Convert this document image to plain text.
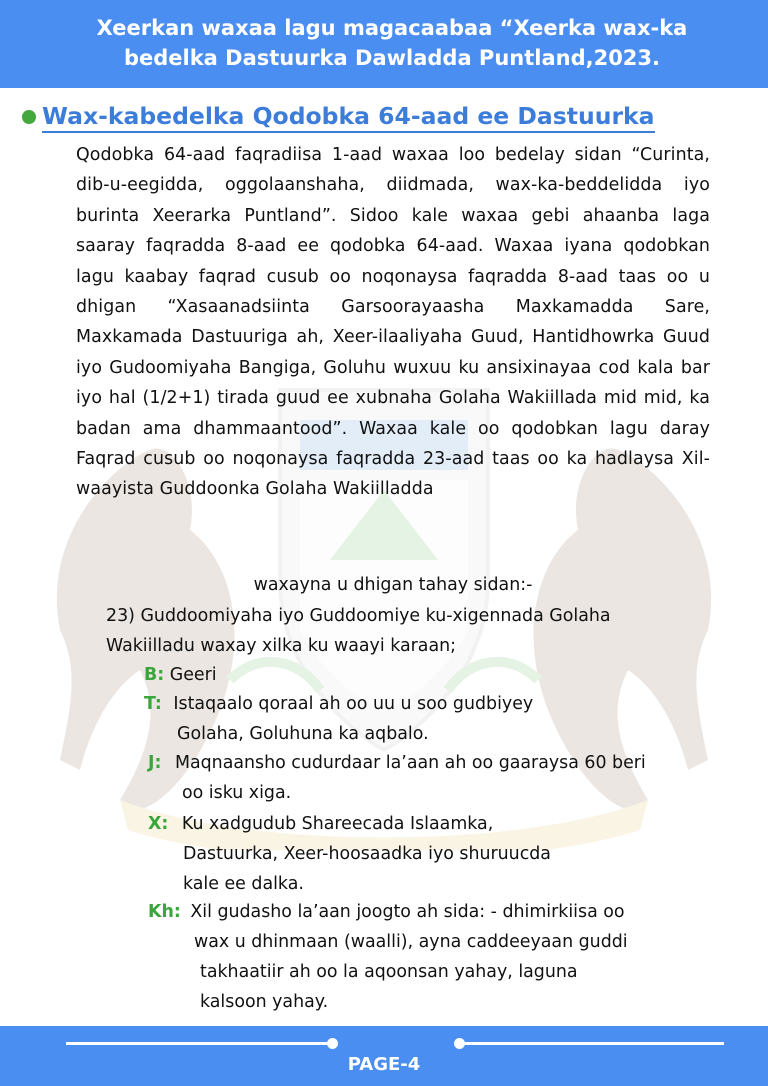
Xeerkan waxaa lagu magacaabaa “Xeerka wax-ka
bedelka Dastuurka Dawladda Puntland,2023.
Wax-kabedelka Qodobka 64-aad ee Dastuurka
Qodobka 64-aad faqradiisa 1-aad waxaa loo bedelay sidan “Curinta, dib-u-eegidda, oggolaanshaha, diidmada, wax-ka-beddelidda iyo burinta Xeerarka Puntland”. Sidoo kale waxaa gebi ahaanba laga saaray faqradda 8-aad ee qodobka 64-aad. Waxaa iyana qodobkan lagu kaabay faqrad cusub oo noqonaysa faqradda 8-aad taas oo u dhigan “Xasaanadsiinta Garsoorayaasha Maxkamadda Sare, Maxkamada Dastuuriga ah, Xeer-ilaaliyaha Guud, Hantidhowrka Guud iyo Gudoomiyaha Bangiga, Goluhu wuxuu ku ansixinayaa cod kala bar iyo hal (1/2+1) tirada guud ee xubnaha Golaha Wakiillada mid mid, ka badan ama dhammaantood”. Waxaa kale oo qodobkan lagu daray Faqrad cusub oo noqonaysa faqradda 23-aad taas oo ka hadlaysa Xil-waayista Guddoonka Golaha Wakiilladda
waxayna u dhigan tahay sidan:-
23) Guddoomiyaha iyo Guddoomiye ku-xigennada Golaha
Wakiilladu waxay xilka ku waayi karaan;
B: Geeri
T: Istaqaalo qoraal ah oo uu u soo gudbiyey
Golaha, Goluhuna ka aqbalo.
J: Maqnaansho cudurdaar la’aan ah oo gaaraysa 60 beri
oo isku xiga.
X: Ku xadgudub Shareecada Islaamka,
Dastuurka, Xeer-hoosaadka iyo shuruucda
kale ee dalka.
Kh: Xil gudasho la’aan joogto ah sida: - dhimirkiisa oo
wax u dhinmaan (waalli), ayna caddeeyaan guddi
takhaatiir ah oo la aqoonsan yahay, laguna
kalsoon yahay.
PAGE-4
